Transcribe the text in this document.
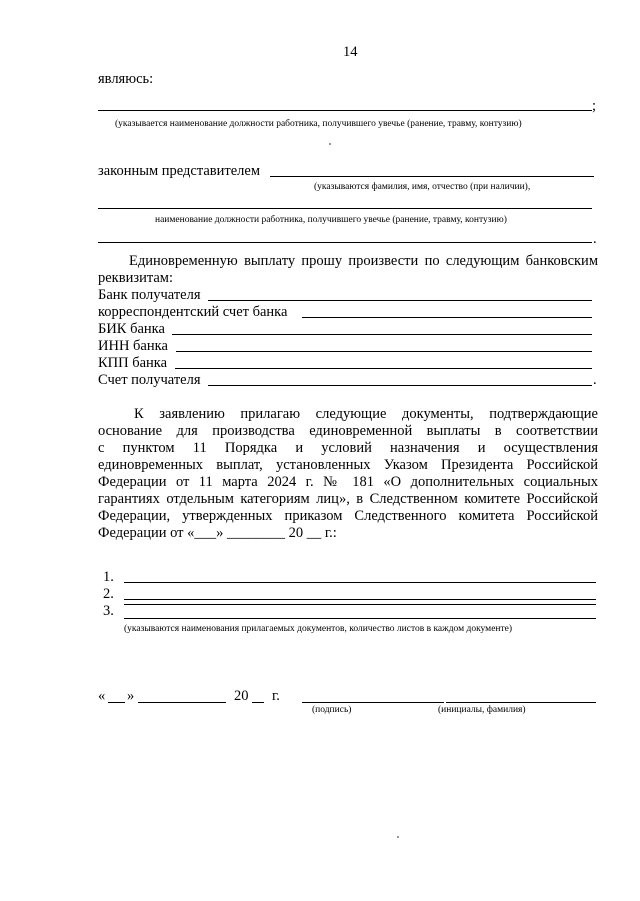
14
являюсь:
;
(указывается наименование должности работника, получившего увечье (ранение, травму, контузию)
законным представителем
(указываются фамилия, имя, отчество (при наличии),
наименование должности работника, получившего увечье (ранение, травму, контузию)
.
Единовременную выплату прошу произвести по следующим банковским
реквизитам:
Банк получателя
корреспондентский счет банка
БИК банка
ИНН банка
КПП банка
Счет получателя	.
К заявлению прилагаю следующие документы, подтверждающие
основание для производства единовременной выплаты в соответствии
с пунктом 11 Порядка и условий назначения и осуществления
единовременных выплат, установленных Указом Президента Российской
Федерации от 11 марта 2024 г. № 181 «О дополнительных социальных
гарантиях отдельным категориям лиц», в Следственном комитете Российской
Федерации, утвержденных приказом Следственного комитета Российской
Федерации от «___» ________ 20 __ г.:
1.
2.
3.
(указываются наименования прилагаемых документов, количество листов в каждом документе)
« »	20 г.
(подпись)	(инициалы, фамилия)
